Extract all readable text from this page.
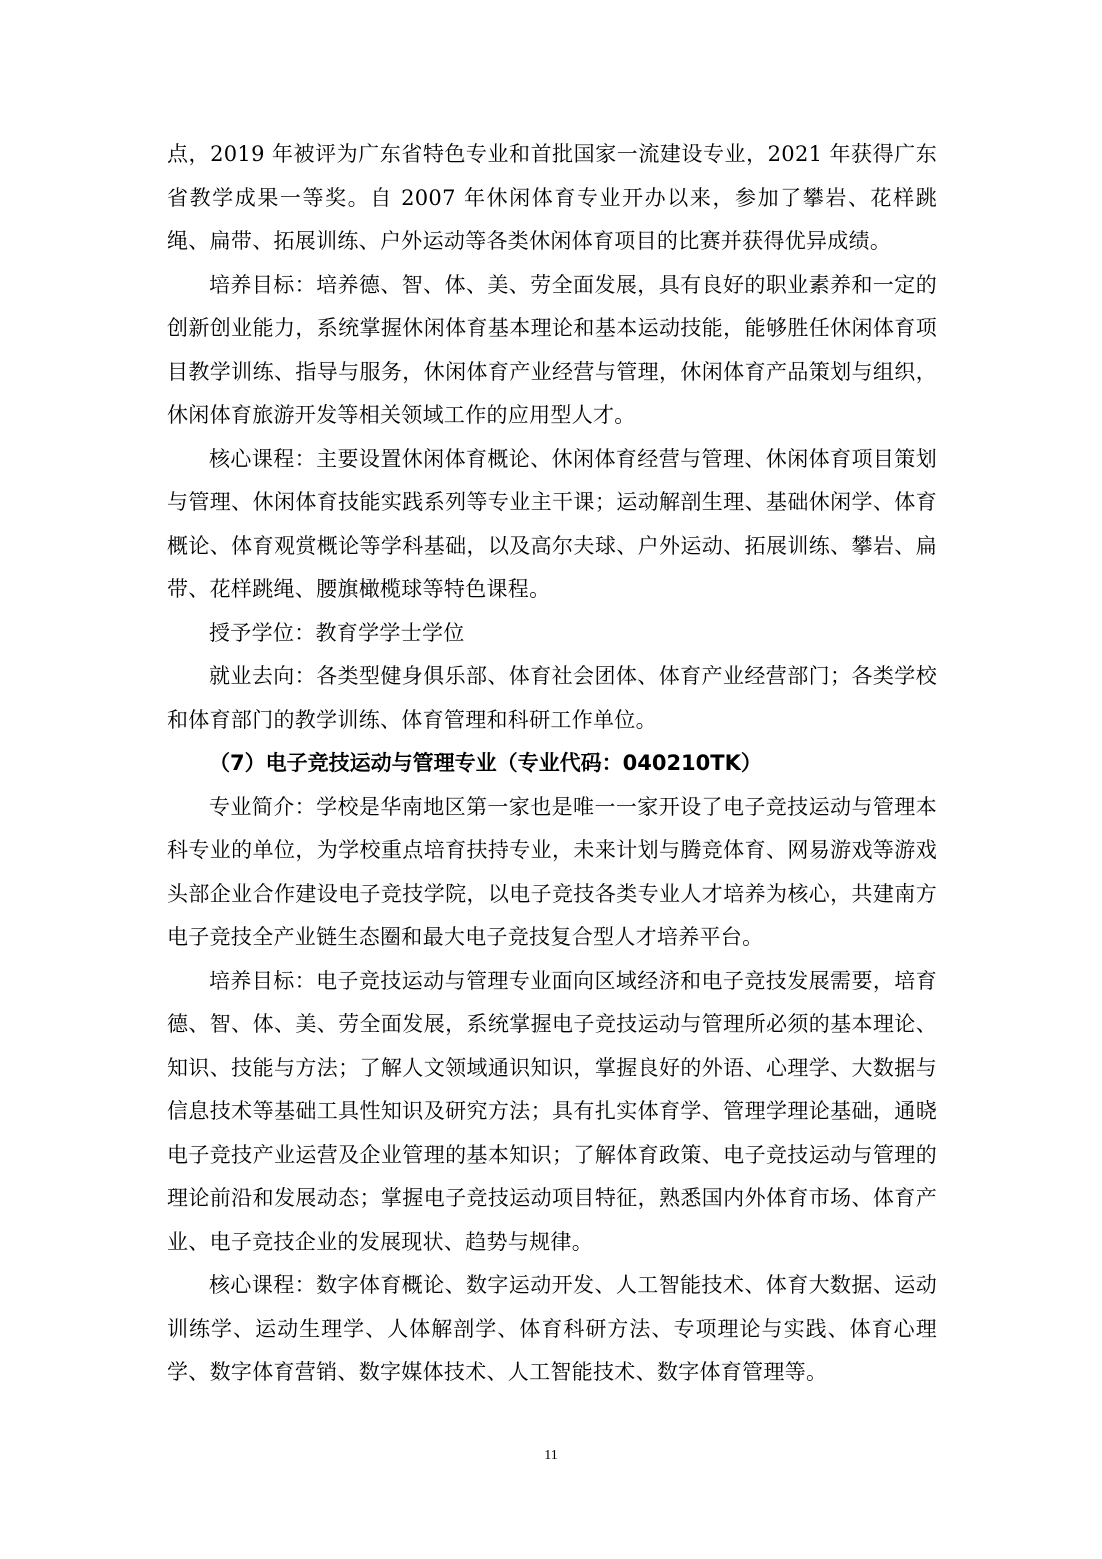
点，2019 年被评为广东省特色专业和首批国家一流建设专业，2021 年获得广东省教学成果一等奖。自 2007 年休闲体育专业开办以来，参加了攀岩、花样跳绳、扁带、拓展训练、户外运动等各类休闲体育项目的比赛并获得优异成绩。

培养目标：培养德、智、体、美、劳全面发展，具有良好的职业素养和一定的创新创业能力，系统掌握休闲体育基本理论和基本运动技能，能够胜任休闲体育项目教学训练、指导与服务，休闲体育产业经营与管理，休闲体育产品策划与组织，休闲体育旅游开发等相关领域工作的应用型人才。

核心课程：主要设置休闲体育概论、休闲体育经营与管理、休闲体育项目策划与管理、休闲体育技能实践系列等专业主干课；运动解剖生理、基础休闲学、体育概论、体育观赏概论等学科基础，以及高尔夫球、户外运动、拓展训练、攀岩、扁带、花样跳绳、腰旗橄榄球等特色课程。

授予学位：教育学学士学位

就业去向：各类型健身俱乐部、体育社会团体、体育产业经营部门；各类学校和体育部门的教学训练、体育管理和科研工作单位。

（7）电子竞技运动与管理专业（专业代码：040210TK）

专业简介：学校是华南地区第一家也是唯一一家开设了电子竞技运动与管理本科专业的单位，为学校重点培育扶持专业，未来计划与腾竞体育、网易游戏等游戏头部企业合作建设电子竞技学院，以电子竞技各类专业人才培养为核心，共建南方电子竞技全产业链生态圈和最大电子竞技复合型人才培养平台。

培养目标：电子竞技运动与管理专业面向区域经济和电子竞技发展需要，培育德、智、体、美、劳全面发展，系统掌握电子竞技运动与管理所必须的基本理论、知识、技能与方法；了解人文领域通识知识，掌握良好的外语、心理学、大数据与信息技术等基础工具性知识及研究方法；具有扎实体育学、管理学理论基础，通晓电子竞技产业运营及企业管理的基本知识；了解体育政策、电子竞技运动与管理的理论前沿和发展动态；掌握电子竞技运动项目特征，熟悉国内外体育市场、体育产业、电子竞技企业的发展现状、趋势与规律。

核心课程：数字体育概论、数字运动开发、人工智能技术、体育大数据、运动训练学、运动生理学、人体解剖学、体育科研方法、专项理论与实践、体育心理学、数字体育营销、数字媒体技术、人工智能技术、数字体育管理等。

11
